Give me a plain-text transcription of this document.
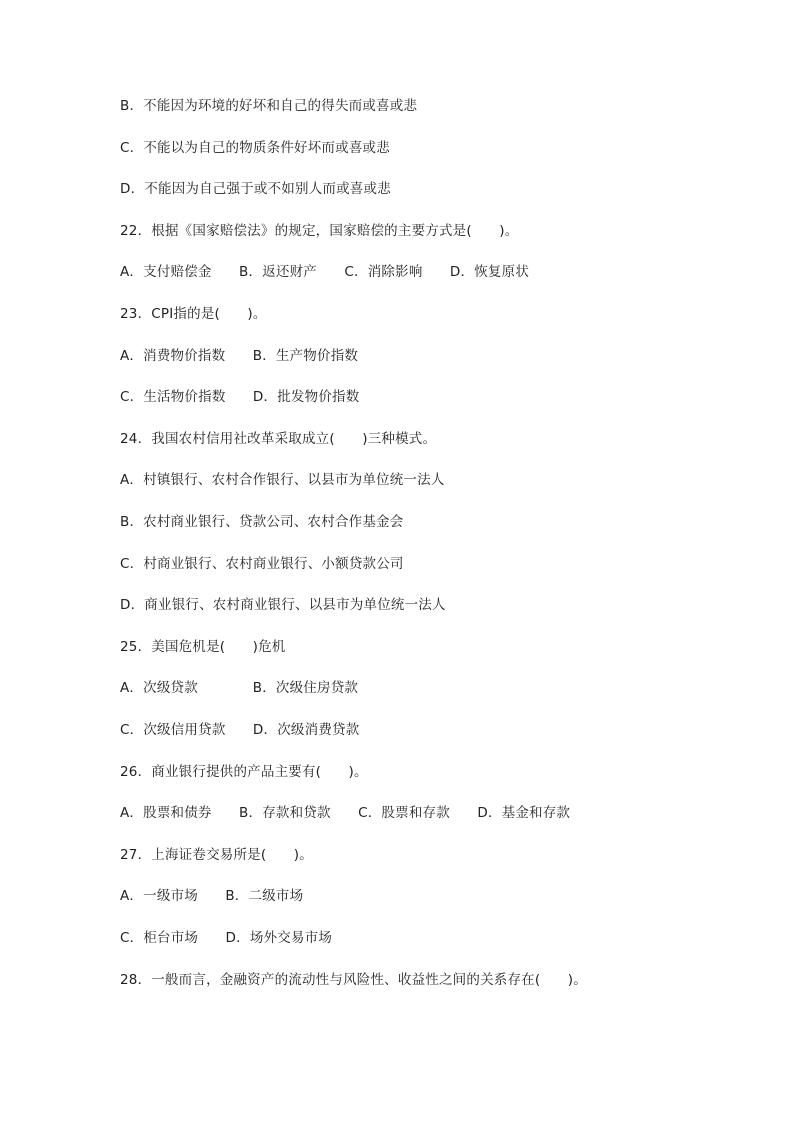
B．不能因为环境的好坏和自己的得失而或喜或悲
C．不能以为自己的物质条件好坏而或喜或悲
D．不能因为自己强于或不如别人而或喜或悲
22．根据《国家赔偿法》的规定，国家赔偿的主要方式是(　　)。
A．支付赔偿金　　B．返还财产　　C．消除影响　　D．恢复原状
23．CPI指的是(　　)。
A．消费物价指数　　B．生产物价指数
C．生活物价指数　　D．批发物价指数
24．我国农村信用社改革采取成立(　　)三种模式。
A．村镇银行、农村合作银行、以县市为单位统一法人
B．农村商业银行、贷款公司、农村合作基金会
C．村商业银行、农村商业银行、小额贷款公司
D．商业银行、农村商业银行、以县市为单位统一法人
25．美国危机是(　　)危机
A．次级贷款　　　　B．次级住房贷款
C．次级信用贷款　　D．次级消费贷款
26．商业银行提供的产品主要有(　　)。
A．股票和债券　　B．存款和贷款　　C．股票和存款　　D．基金和存款
27．上海证卷交易所是(　　)。
A．一级市场　　B．二级市场
C．柜台市场　　D．场外交易市场
28．一般而言，金融资产的流动性与风险性、收益性之间的关系存在(　　)。
